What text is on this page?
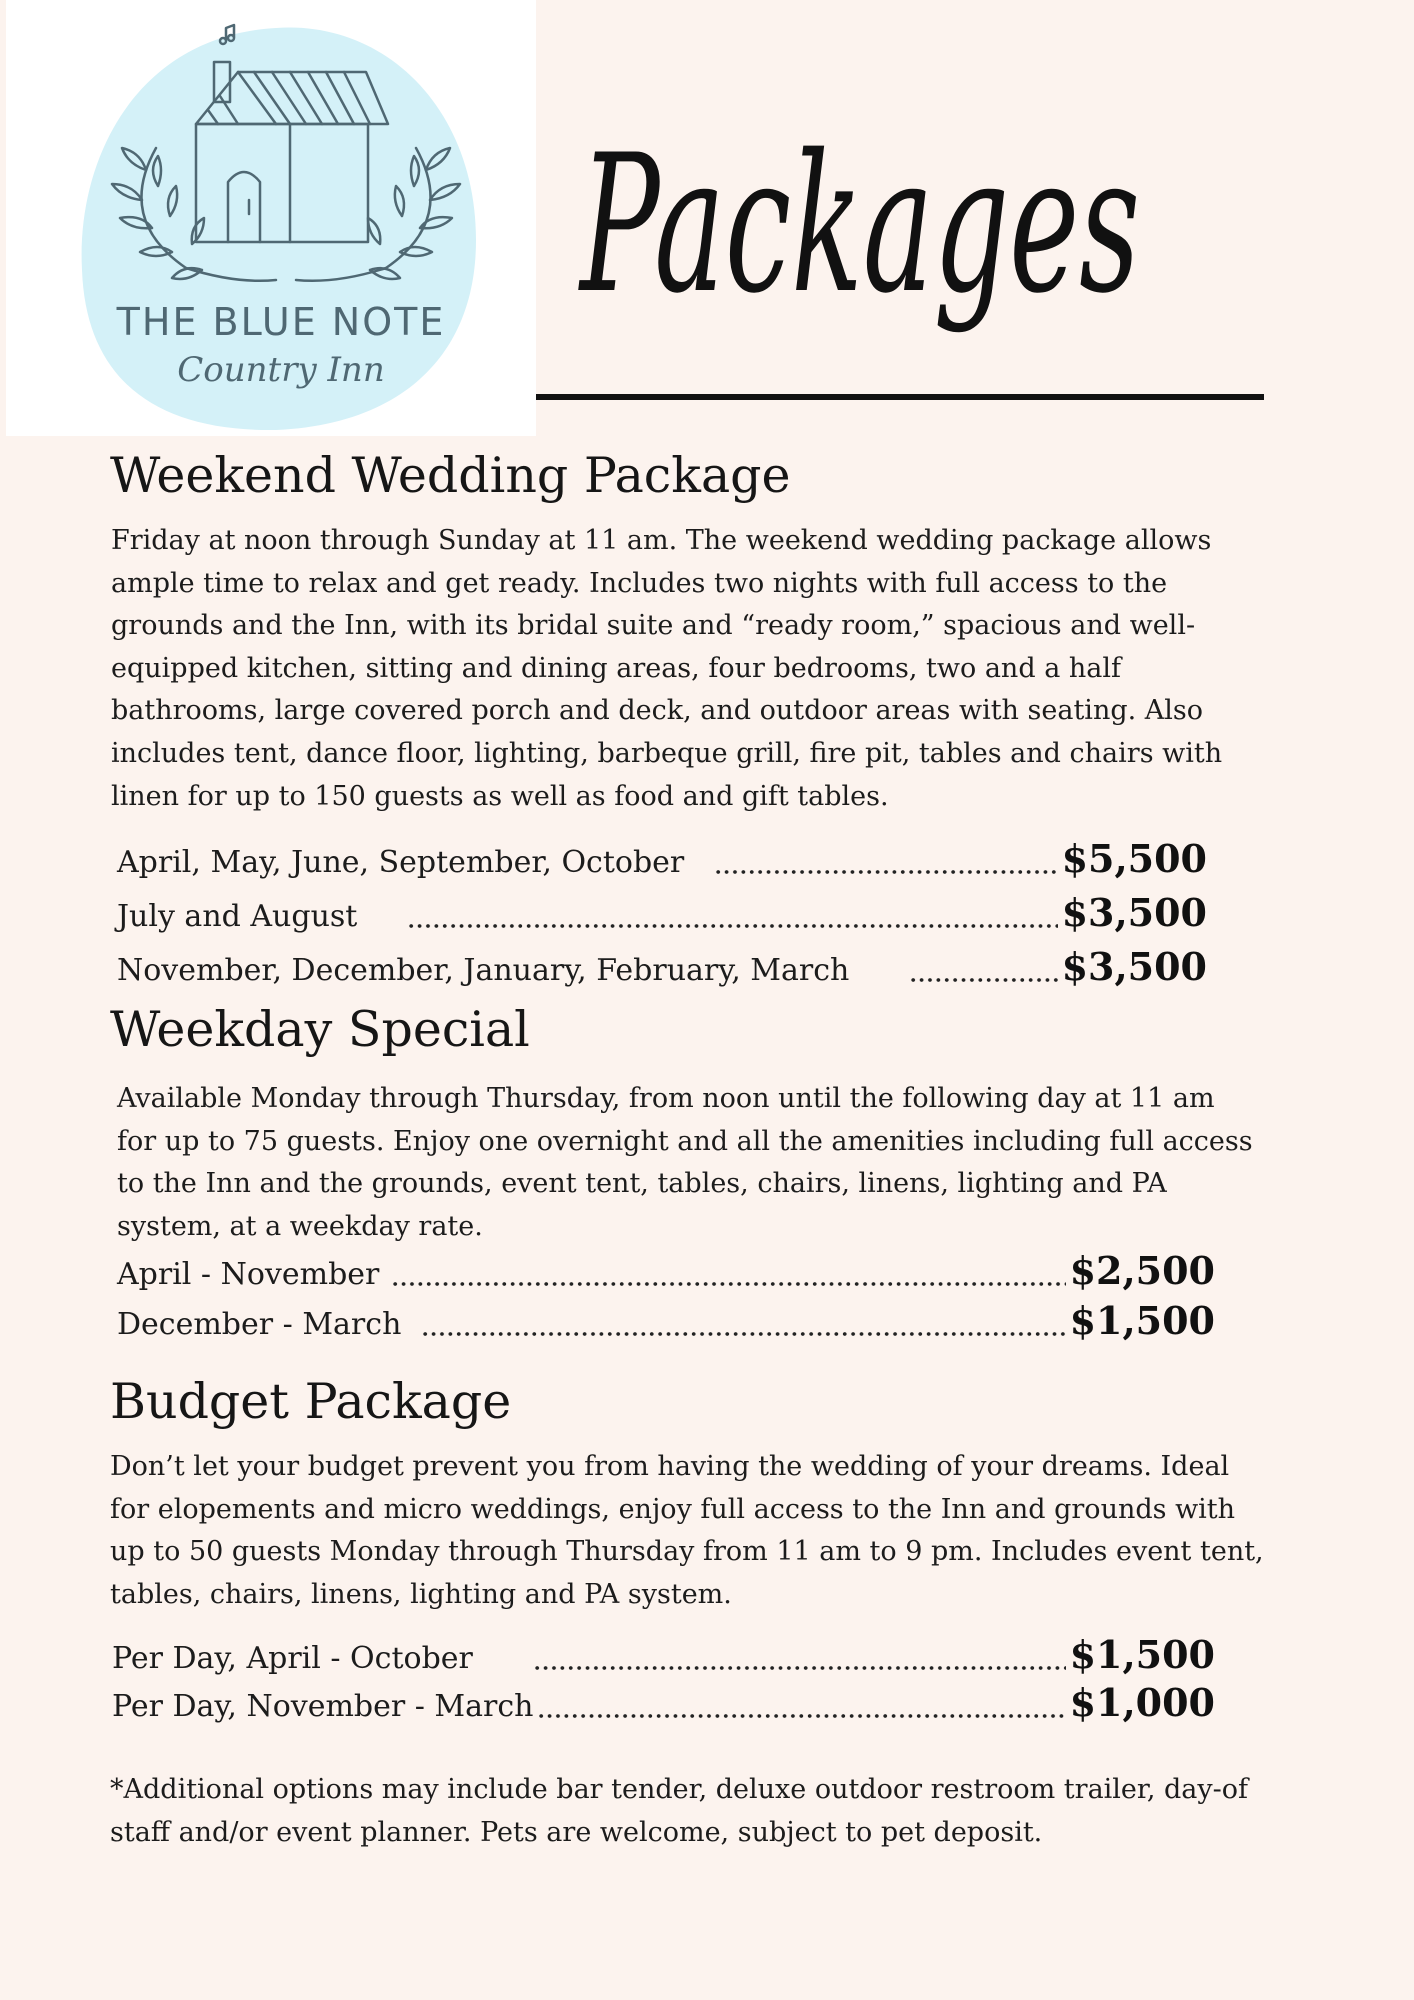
THE BLUE NOTE
Country Inn
Packages
Weekend Wedding Package
Friday at noon through Sunday at 11 am. The weekend wedding package allows ample time to relax and get ready. Includes two nights with full access to the grounds and the Inn, with its bridal suite and “ready room,” spacious and well-equipped kitchen, sitting and dining areas, four bedrooms, two and a half bathrooms, large covered porch and deck, and outdoor areas with seating. Also includes tent, dance floor, lighting, barbeque grill, fire pit, tables and chairs with linen for up to 150 guests as well as food and gift tables.
April, May, June, September, October	$5,500
July and August	$3,500
November, December, January, February, March	$3,500
Weekday Special
Available Monday through Thursday, from noon until the following day at 11 am for up to 75 guests. Enjoy one overnight and all the amenities including full access to the Inn and the grounds, event tent, tables, chairs, linens, lighting and PA system, at a weekday rate.
April - November	$2,500
December - March	$1,500
Budget Package
Don’t let your budget prevent you from having the wedding of your dreams. Ideal for elopements and micro weddings, enjoy full access to the Inn and grounds with up to 50 guests Monday through Thursday from 11 am to 9 pm. Includes event tent, tables, chairs, linens, lighting and PA system.
Per Day, April - October	$1,500
Per Day, November - March	$1,000
*Additional options may include bar tender, deluxe outdoor restroom trailer, day-of staff and/or event planner. Pets are welcome, subject to pet deposit.
